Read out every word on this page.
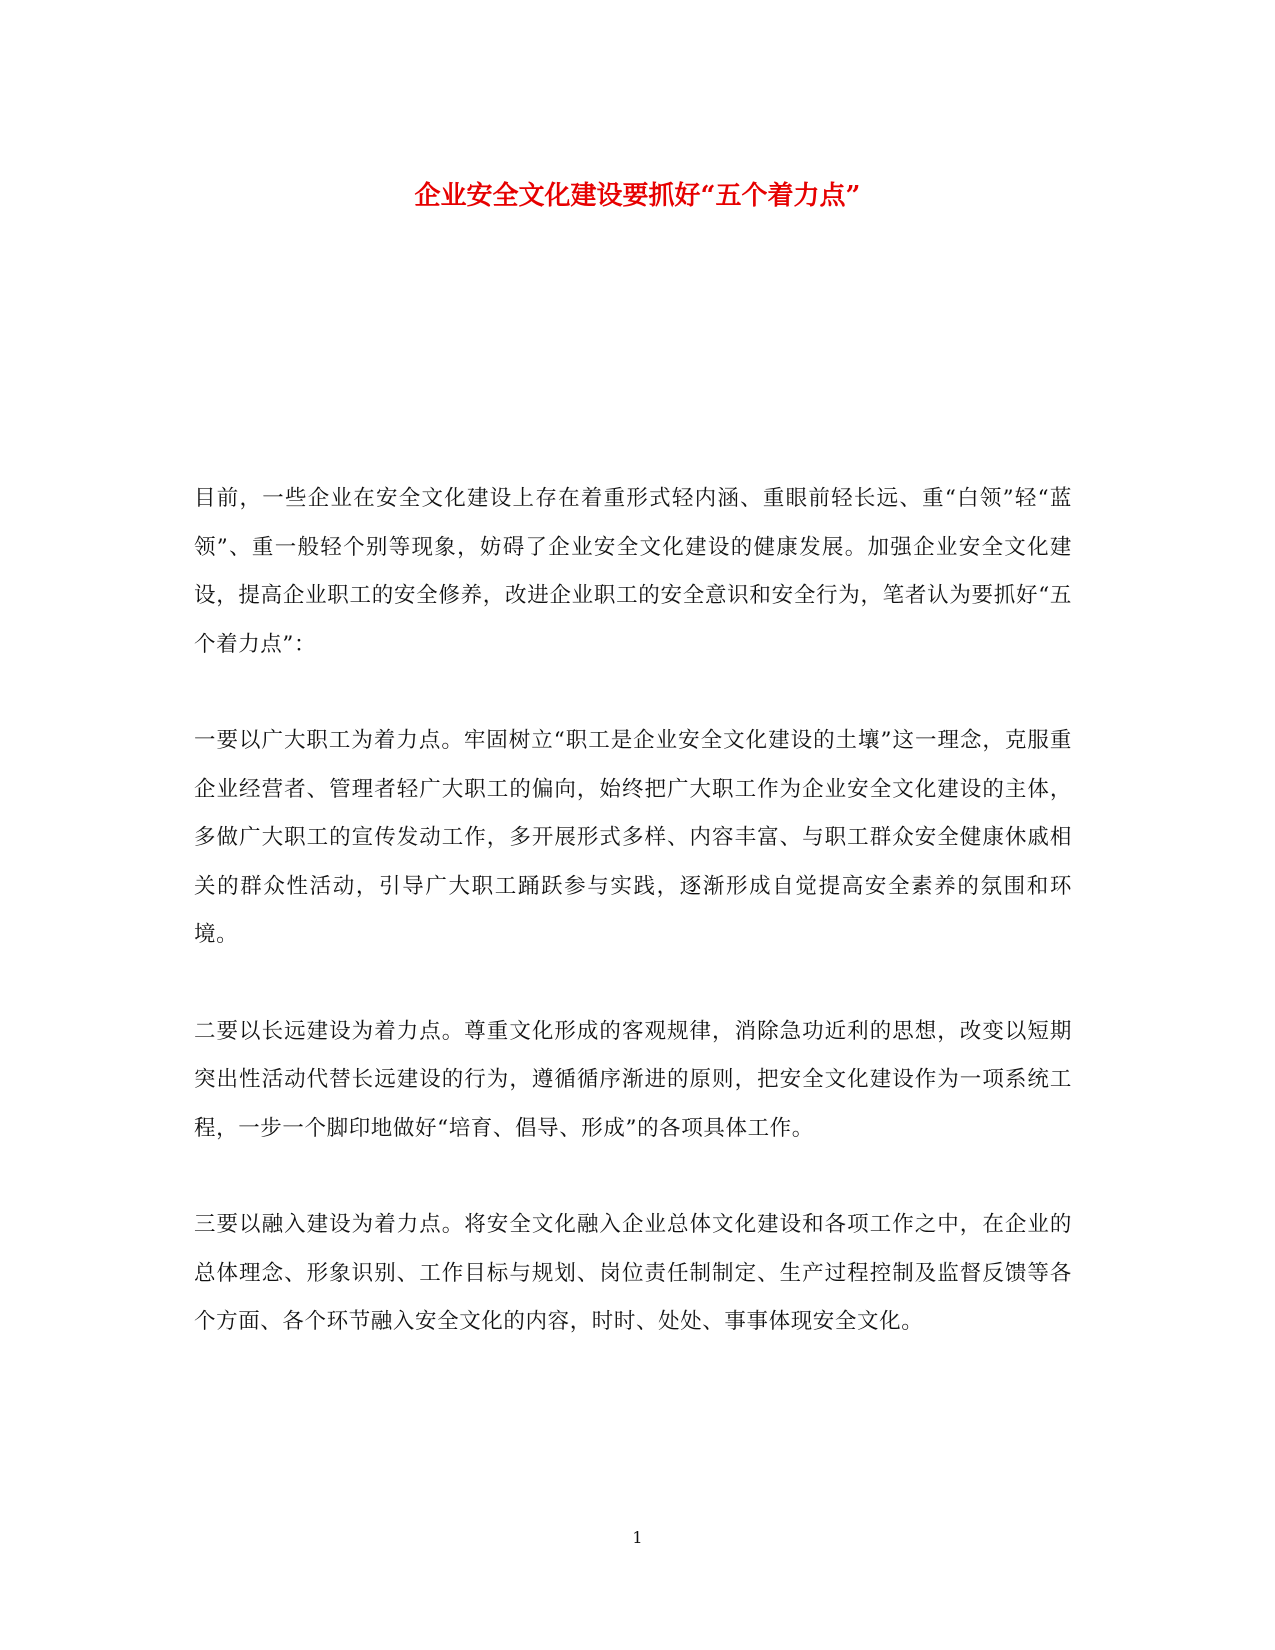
企业安全文化建设要抓好“五个着力点”

目前，一些企业在安全文化建设上存在着重形式轻内涵、重眼前轻长远、重“白领”轻“蓝领”、重一般轻个别等现象，妨碍了企业安全文化建设的健康发展。加强企业安全文化建设，提高企业职工的安全修养，改进企业职工的安全意识和安全行为，笔者认为要抓好“五个着力点”：

一要以广大职工为着力点。牢固树立“职工是企业安全文化建设的土壤”这一理念，克服重企业经营者、管理者轻广大职工的偏向，始终把广大职工作为企业安全文化建设的主体，多做广大职工的宣传发动工作，多开展形式多样、内容丰富、与职工群众安全健康休戚相关的群众性活动，引导广大职工踊跃参与实践，逐渐形成自觉提高安全素养的氛围和环境。

二要以长远建设为着力点。尊重文化形成的客观规律，消除急功近利的思想，改变以短期突出性活动代替长远建设的行为，遵循循序渐进的原则，把安全文化建设作为一项系统工程，一步一个脚印地做好“培育、倡导、形成”的各项具体工作。

三要以融入建设为着力点。将安全文化融入企业总体文化建设和各项工作之中，在企业的总体理念、形象识别、工作目标与规划、岗位责任制制定、生产过程控制及监督反馈等各个方面、各个环节融入安全文化的内容，时时、处处、事事体现安全文化。

1
